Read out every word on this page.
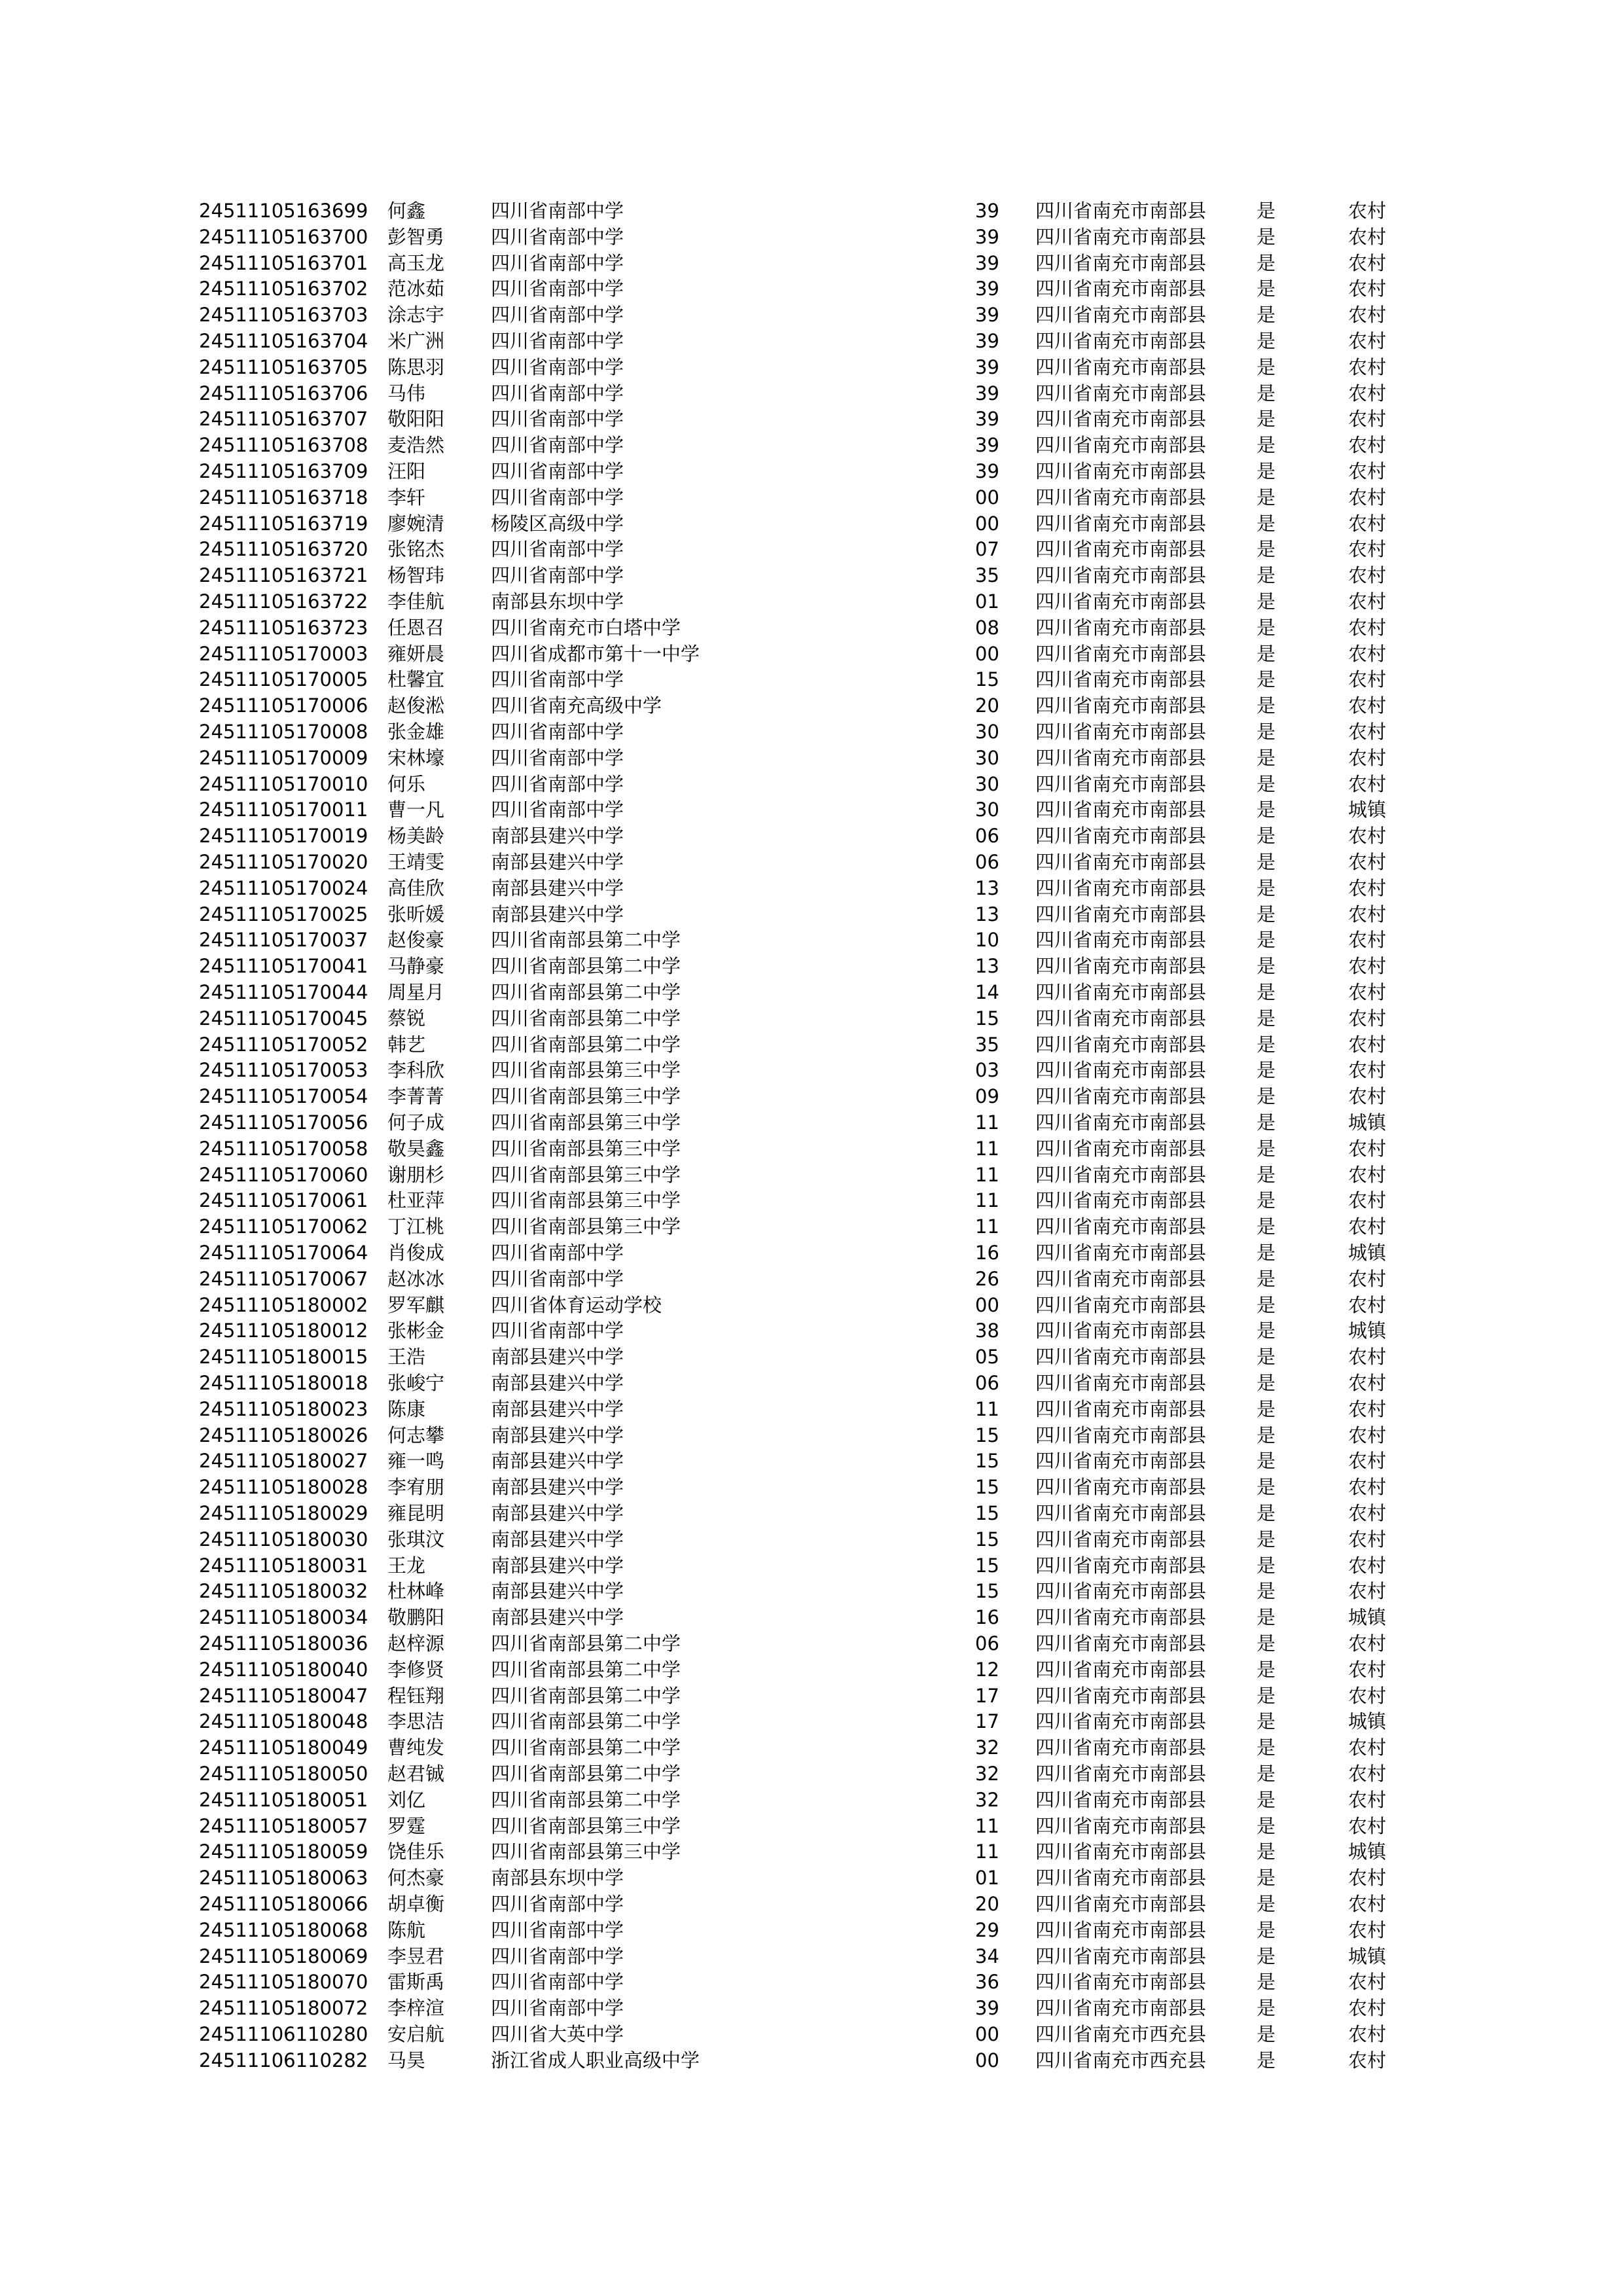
24511105163699 何鑫	四川省南部中学	39 四川省南充市南部县	是	农村
24511105163700 彭智勇 四川省南部中学	39 四川省南充市南部县	是	农村
24511105163701 高玉龙 四川省南部中学	39 四川省南充市南部县	是	农村
24511105163702 范冰茹 四川省南部中学	39 四川省南充市南部县	是	农村
24511105163703 涂志宇 四川省南部中学	39 四川省南充市南部县	是	农村
24511105163704 米广洲 四川省南部中学	39 四川省南充市南部县	是	农村
24511105163705 陈思羽 四川省南部中学	39 四川省南充市南部县	是	农村
24511105163706 马伟	四川省南部中学	39 四川省南充市南部县	是	农村
24511105163707 敬阳阳 四川省南部中学	39 四川省南充市南部县	是	农村
24511105163708 麦浩然 四川省南部中学	39 四川省南充市南部县	是	农村
24511105163709 汪阳	四川省南部中学	39 四川省南充市南部县	是	农村
24511105163718 李轩	四川省南部中学	00 四川省南充市南部县	是	农村
24511105163719 廖婉清 杨陵区高级中学	00 四川省南充市南部县	是	农村
24511105163720 张铭杰 四川省南部中学	07 四川省南充市南部县	是	农村
24511105163721 杨智玮 四川省南部中学	35 四川省南充市南部县	是	农村
24511105163722 李佳航 南部县东坝中学	01 四川省南充市南部县	是	农村
24511105163723 任恩召 四川省南充市白塔中学	08 四川省南充市南部县	是	农村
24511105170003 雍妍晨 四川省成都市第十一中学	00 四川省南充市南部县	是	农村
24511105170005 杜馨宜 四川省南部中学	15 四川省南充市南部县	是	农村
24511105170006 赵俊淞 四川省南充高级中学	20 四川省南充市南部县	是	农村
24511105170008 张金雄 四川省南部中学	30 四川省南充市南部县	是	农村
24511105170009 宋林壕 四川省南部中学	30 四川省南充市南部县	是	农村
24511105170010 何乐	四川省南部中学	30 四川省南充市南部县	是	农村
24511105170011 曹一凡 四川省南部中学	30 四川省南充市南部县	是	城镇
24511105170019 杨美龄 南部县建兴中学	06 四川省南充市南部县	是	农村
24511105170020 王靖雯 南部县建兴中学	06 四川省南充市南部县	是	农村
24511105170024 高佳欣 南部县建兴中学	13 四川省南充市南部县	是	农村
24511105170025 张昕媛 南部县建兴中学	13 四川省南充市南部县	是	农村
24511105170037 赵俊豪 四川省南部县第二中学	10 四川省南充市南部县	是	农村
24511105170041 马静豪 四川省南部县第二中学	13 四川省南充市南部县	是	农村
24511105170044 周星月 四川省南部县第二中学	14 四川省南充市南部县	是	农村
24511105170045 蔡锐	四川省南部县第二中学	15 四川省南充市南部县	是	农村
24511105170052 韩艺	四川省南部县第二中学	35 四川省南充市南部县	是	农村
24511105170053 李科欣 四川省南部县第三中学	03 四川省南充市南部县	是	农村
24511105170054 李菁菁 四川省南部县第三中学	09 四川省南充市南部县	是	农村
24511105170056 何子成 四川省南部县第三中学	11 四川省南充市南部县	是	城镇
24511105170058 敬昊鑫 四川省南部县第三中学	11 四川省南充市南部县	是	农村
24511105170060 谢朋杉 四川省南部县第三中学	11 四川省南充市南部县	是	农村
24511105170061 杜亚萍 四川省南部县第三中学	11 四川省南充市南部县	是	农村
24511105170062 丁江桃 四川省南部县第三中学	11 四川省南充市南部县	是	农村
24511105170064 肖俊成 四川省南部中学	16 四川省南充市南部县	是	城镇
24511105170067 赵冰冰 四川省南部中学	26 四川省南充市南部县	是	农村
24511105180002 罗军麒 四川省体育运动学校	00 四川省南充市南部县	是	农村
24511105180012 张彬金 四川省南部中学	38 四川省南充市南部县	是	城镇
24511105180015 王浩	南部县建兴中学	05 四川省南充市南部县	是	农村
24511105180018 张峻宁 南部县建兴中学	06 四川省南充市南部县	是	农村
24511105180023 陈康	南部县建兴中学	11 四川省南充市南部县	是	农村
24511105180026 何志攀 南部县建兴中学	15 四川省南充市南部县	是	农村
24511105180027 雍一鸣 南部县建兴中学	15 四川省南充市南部县	是	农村
24511105180028 李宥朋 南部县建兴中学	15 四川省南充市南部县	是	农村
24511105180029 雍昆明 南部县建兴中学	15 四川省南充市南部县	是	农村
24511105180030 张琪汶 南部县建兴中学	15 四川省南充市南部县	是	农村
24511105180031 王龙	南部县建兴中学	15 四川省南充市南部县	是	农村
24511105180032 杜林峰 南部县建兴中学	15 四川省南充市南部县	是	农村
24511105180034 敬鹏阳 南部县建兴中学	16 四川省南充市南部县	是	城镇
24511105180036 赵梓源 四川省南部县第二中学	06 四川省南充市南部县	是	农村
24511105180040 李修贤 四川省南部县第二中学	12 四川省南充市南部县	是	农村
24511105180047 程钰翔 四川省南部县第二中学	17 四川省南充市南部县	是	农村
24511105180048 李思洁 四川省南部县第二中学	17 四川省南充市南部县	是	城镇
24511105180049 曹纯发 四川省南部县第二中学	32 四川省南充市南部县	是	农村
24511105180050 赵君铖 四川省南部县第二中学	32 四川省南充市南部县	是	农村
24511105180051 刘亿	四川省南部县第二中学	32 四川省南充市南部县	是	农村
24511105180057 罗霆	四川省南部县第三中学	11 四川省南充市南部县	是	农村
24511105180059 饶佳乐 四川省南部县第三中学	11 四川省南充市南部县	是	城镇
24511105180063 何杰豪 南部县东坝中学	01 四川省南充市南部县	是	农村
24511105180066 胡卓衡 四川省南部中学	20 四川省南充市南部县	是	农村
24511105180068 陈航	四川省南部中学	29 四川省南充市南部县	是	农村
24511105180069 李昱君 四川省南部中学	34 四川省南充市南部县	是	城镇
24511105180070 雷斯禹 四川省南部中学	36 四川省南充市南部县	是	农村
24511105180072 李梓渲 四川省南部中学	39 四川省南充市南部县	是	农村
24511106110280 安启航 四川省大英中学	00 四川省南充市西充县	是	农村
24511106110282 马昊	浙江省成人职业高级中学	00 四川省南充市西充县	是	农村
